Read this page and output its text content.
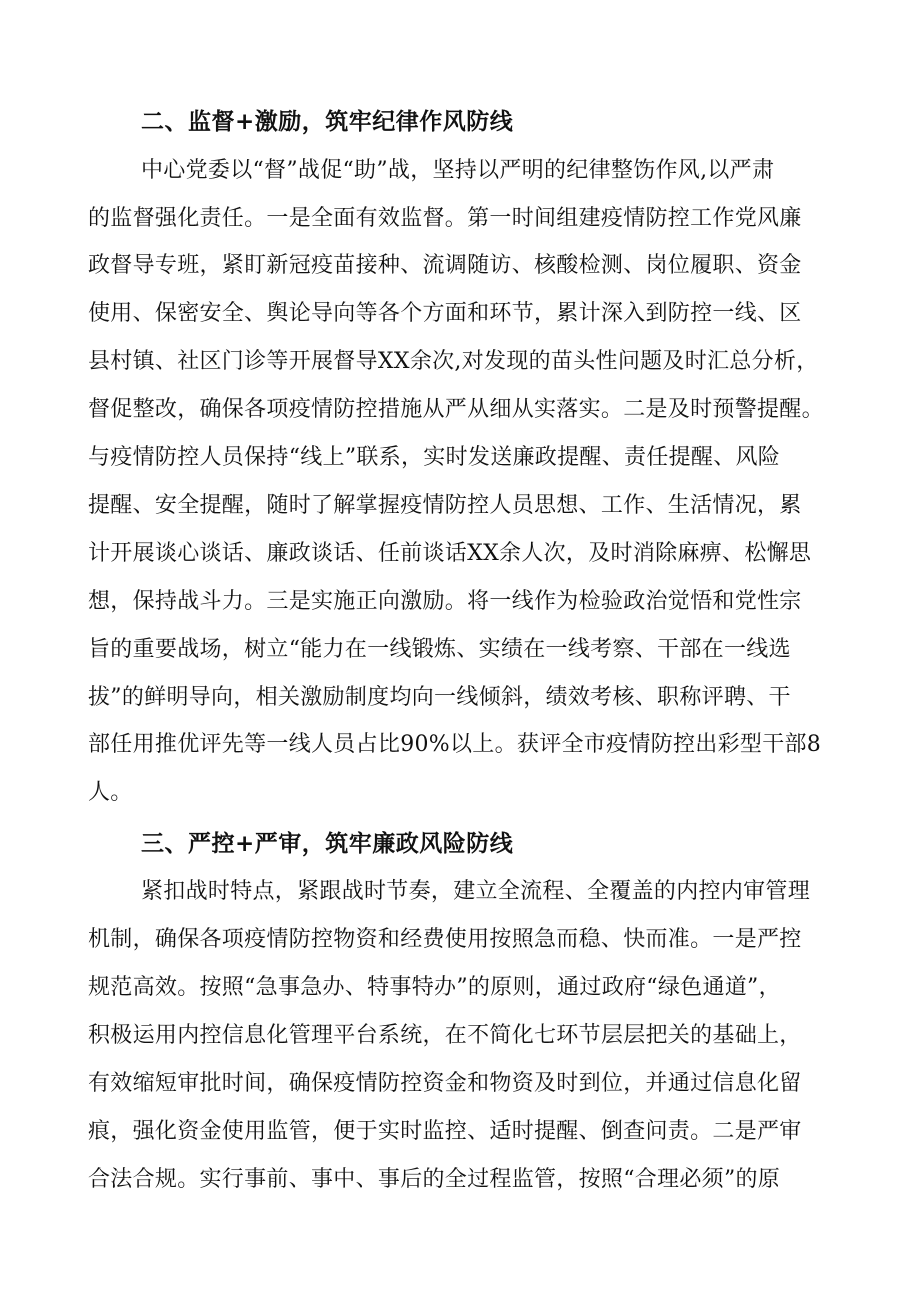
二、监督+激励，筑牢纪律作风防线
中心党委以“督”战促“助”战，坚持以严明的纪律整饬作风,以严肃
的监督强化责任。一是全面有效监督。第一时间组建疫情防控工作党风廉
政督导专班，紧盯新冠疫苗接种、流调随访、核酸检测、岗位履职、资金
使用、保密安全、舆论导向等各个方面和环节，累计深入到防控一线、区
县村镇、社区门诊等开展督导XX余次,对发现的苗头性问题及时汇总分析，
督促整改，确保各项疫情防控措施从严从细从实落实。二是及时预警提醒。
与疫情防控人员保持“线上”联系，实时发送廉政提醒、责任提醒、风险
提醒、安全提醒，随时了解掌握疫情防控人员思想、工作、生活情况，累
计开展谈心谈话、廉政谈话、任前谈话XX余人次，及时消除麻痹、松懈思
想，保持战斗力。三是实施正向激励。将一线作为检验政治觉悟和党性宗
旨的重要战场，树立“能力在一线锻炼、实绩在一线考察、干部在一线选
拔”的鲜明导向，相关激励制度均向一线倾斜，绩效考核、职称评聘、干
部任用推优评先等一线人员占比90%以上。获评全市疫情防控出彩型干部8
人。
三、严控+严审，筑牢廉政风险防线
紧扣战时特点，紧跟战时节奏，建立全流程、全覆盖的内控内审管理
机制，确保各项疫情防控物资和经费使用按照急而稳、快而准。一是严控
规范高效。按照“急事急办、特事特办”的原则，通过政府“绿色通道”，
积极运用内控信息化管理平台系统，在不简化七环节层层把关的基础上，
有效缩短审批时间，确保疫情防控资金和物资及时到位，并通过信息化留
痕，强化资金使用监管，便于实时监控、适时提醒、倒查问责。二是严审
合法合规。实行事前、事中、事后的全过程监管，按照“合理必须”的原
